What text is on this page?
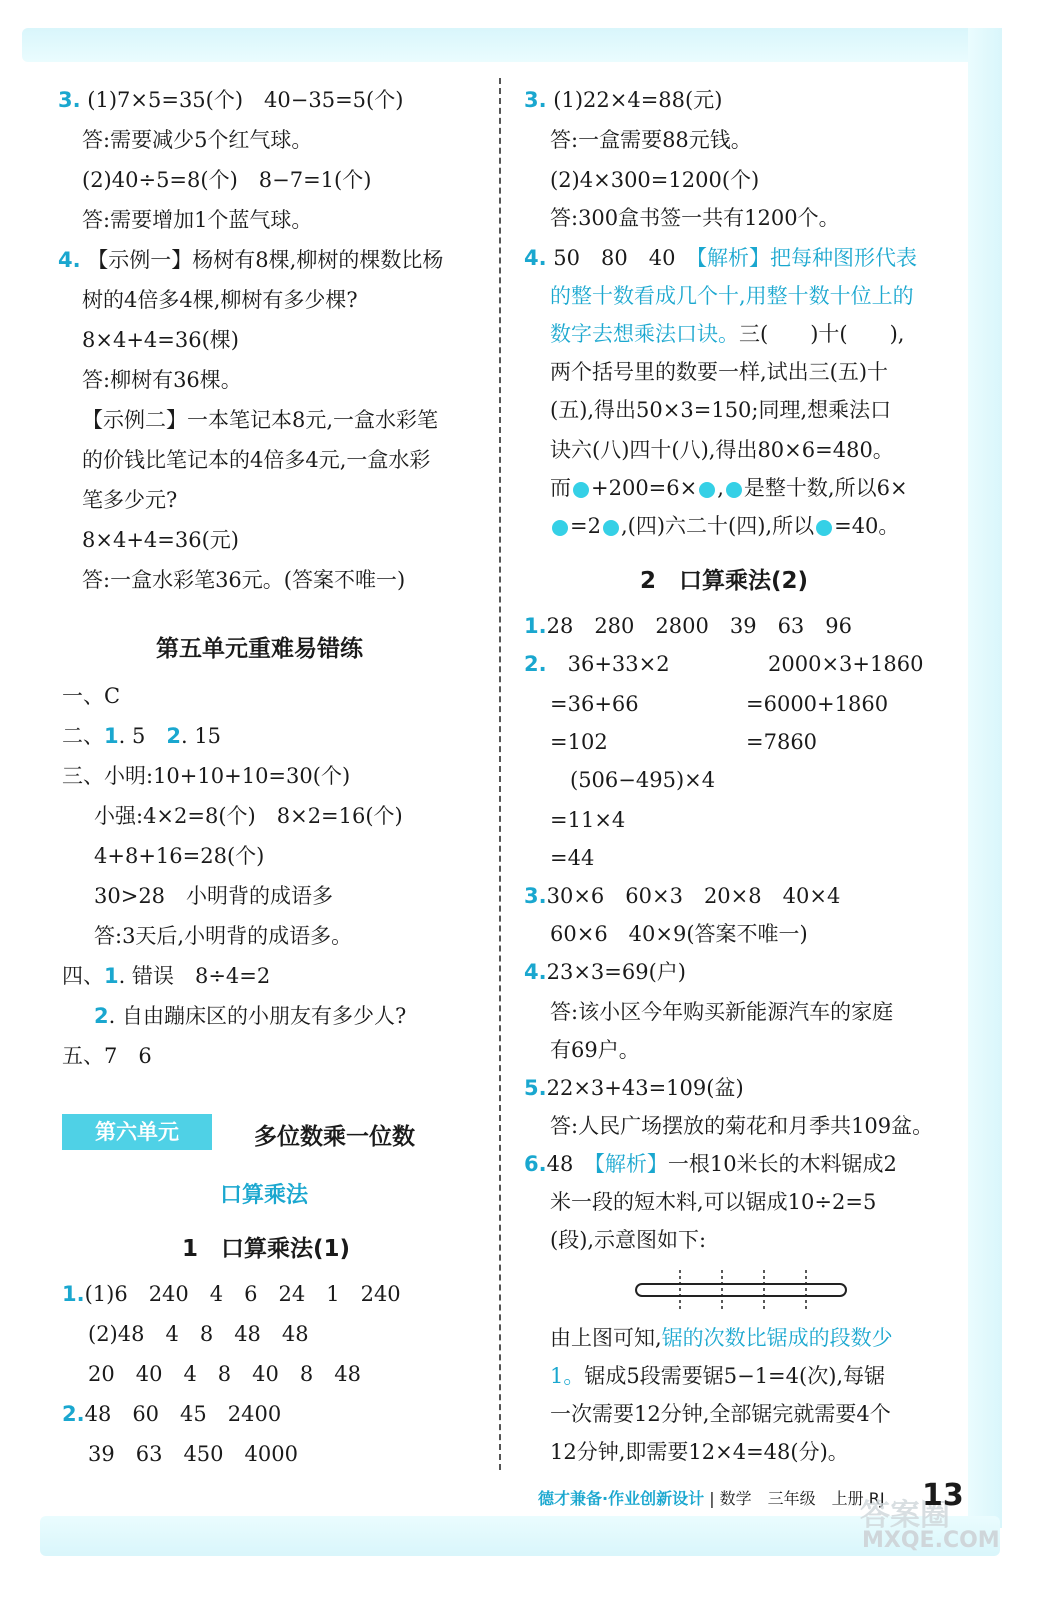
3. (1)7×5=35(个)　40−35=5(个)
答:需要减少5个红气球。
(2)40÷5=8(个)　8−7=1(个)
答:需要增加1个蓝气球。
4. 【示例一】杨树有8棵,柳树的棵数比杨
树的4倍多4棵,柳树有多少棵?
8×4+4=36(棵)
答:柳树有36棵。
【示例二】一本笔记本8元,一盒水彩笔
的价钱比笔记本的4倍多4元,一盒水彩
笔多少元?
8×4+4=36(元)
答:一盒水彩笔36元。(答案不唯一)
第五单元重难易错练
一、C
二、1. 5　2. 15
三、小明:10+10+10=30(个)
小强:4×2=8(个)　8×2=16(个)
4+8+16=28(个)
30>28　小明背的成语多
答:3天后,小明背的成语多。
四、1. 错误　8÷4=2
2. 自由蹦床区的小朋友有多少人?
五、7　6
第六单元	多位数乘一位数
口算乘法
1　口算乘法(1)
1.(1)6　240　4　6　24　1　240
(2)48　4　8　48　48
20　40　4　8　40　8　48
2.48　60　45　2400
39　63　450　4000
3. (1)22×4=88(元)
答:一盒需要88元钱。
(2)4×300=1200(个)
答:300盒书签一共有1200个。
4. 50　80　40　【解析】把每种图形代表
的整十数看成几个十,用整十数十位上的
数字去想乘法口诀。三(　　)十(　　),
两个括号里的数要一样,试出三(五)十
(五),得出50×3=150;同理,想乘法口
诀六(八)四十(八),得出80×6=480。
而 +200=6× , 是整十数,所以6×
=2 ,(四)六二十(四),所以 =40。
2　口算乘法(2)
1.28　280　2800　39　63　96
2.　 36+33×2	2000×3+1860
=36+66	=6000+1860
=102	=7860
(506−495)×4
=11×4
=44
3.30×6　60×3　20×8　40×4
60×6　40×9(答案不唯一)
4.23×3=69(户)
答:该小区今年购买新能源汽车的家庭
有69户。
5.22×3+43=109(盆)
答:人民广场摆放的菊花和月季共109盆。
6.48　【解析】一根10米长的木料锯成2
米一段的短木料,可以锯成10÷2=5
(段),示意图如下:
由上图可知,锯的次数比锯成的段数少
1。锯成5段需要锯5−1=4(次),每锯
一次需要12分钟,全部锯完就需要4个
12分钟,即需要12×4=48(分)。
德才兼备·作业创新设计 | 数学　三年级　上册 RJ
答案圈
MXQE.COM
13
